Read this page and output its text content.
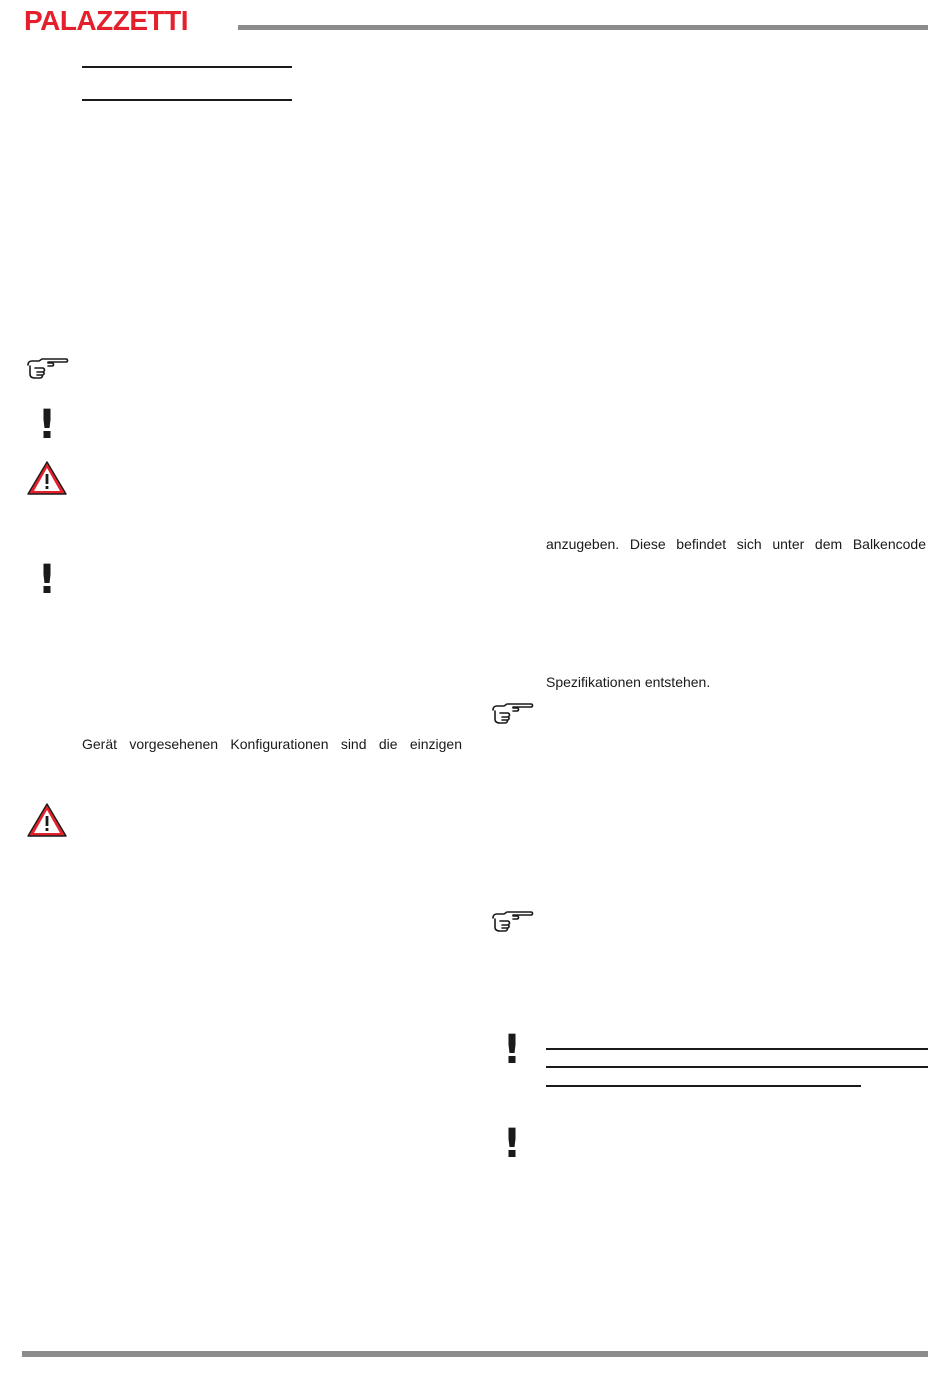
PALAZZETTI
!
!
Gerät vorgesehenen Konfigurationen sind die einzigen
anzugeben. Diese befindet sich unter dem Balkencode
Spezifikationen entstehen.
!
!
